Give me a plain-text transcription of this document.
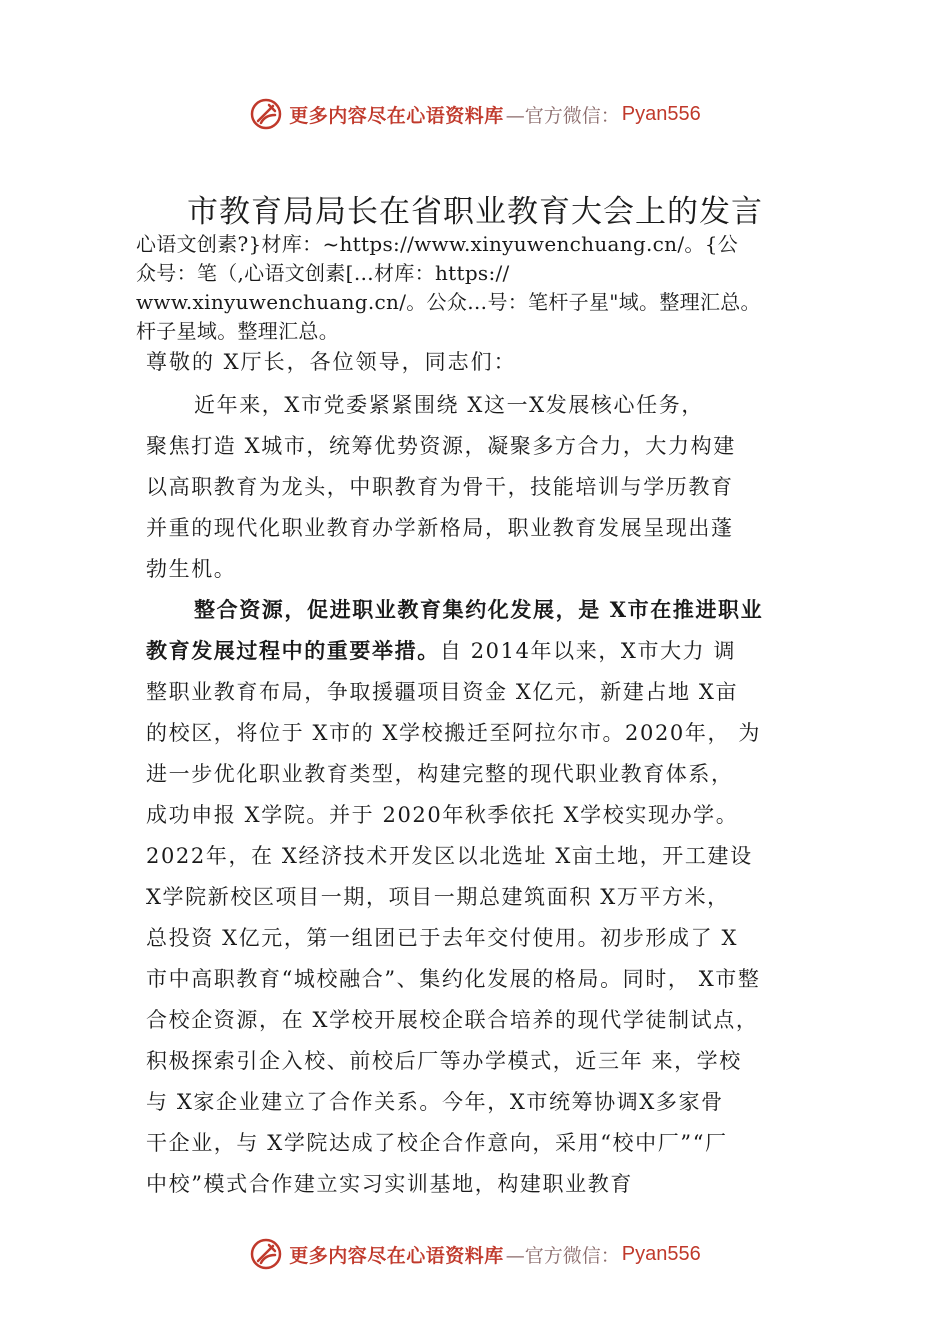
更多内容尽在心语资料库 —官方微信： Pyan556
市教育局局长在省职业教育大会上的发言
心语文创素?}材库：~https://www.xinyuwenchuang.cn/。{公
众号：笔（,心语文创素[…材库：https://
www.xinyuwenchuang.cn/。公众…号：笔杆子星"域。整理汇总。
杆子星域。整理汇总。
尊敬的 X厅长，各位领导，同志们：
近年来，X市党委紧紧围绕 X这一X发展核心任务，
聚焦打造 X城市，统筹优势资源，凝聚多方合力，大力构建
以高职教育为龙头，中职教育为骨干，技能培训与学历教育
并重的现代化职业教育办学新格局，职业教育发展呈现出蓬
勃生机。
整合资源，促进职业教育集约化发展，是 X市在推进职业
教育发展过程中的重要举措。自 2014年以来，X市大力 调
整职业教育布局，争取援疆项目资金 X亿元，新建占地 X亩
的校区，将位于 X市的 X学校搬迁至阿拉尔市。2020年， 为
进一步优化职业教育类型，构建完整的现代职业教育体系，
成功申报 X学院。并于 2020年秋季依托 X学校实现办学。
2022年，在 X经济技术开发区以北选址 X亩土地，开工建设
X学院新校区项目一期，项目一期总建筑面积 X万平方米，
总投资 X亿元，第一组团已于去年交付使用。初步形成了 X
市中高职教育“城校融合”、集约化发展的格局。同时， X市整
合校企资源，在 X学校开展校企联合培养的现代学徒制试点，
积极探索引企入校、前校后厂等办学模式，近三年 来，学校
与 X家企业建立了合作关系。今年，X市统筹协调X多家骨
干企业，与 X学院达成了校企合作意向，采用“校中厂”“厂
中校”模式合作建立实习实训基地，构建职业教育
更多内容尽在心语资料库 —官方微信： Pyan556
